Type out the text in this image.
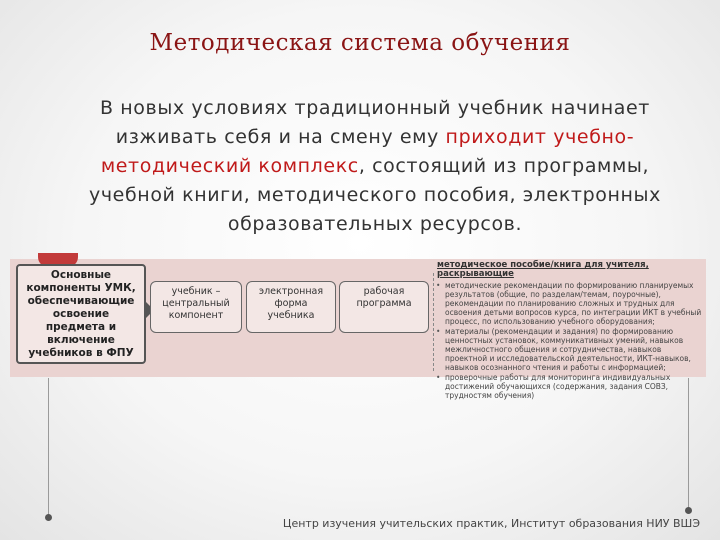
Методическая система обучения
В новых условиях традиционный учебник начинает изживать себя и на смену ему приходит учебно-методический комплекс, состоящий из программы, учебной книги, методического пособия, электронных образовательных ресурсов.
Основные компоненты УМК, обеспечивающие освоение предмета и включение учебников в ФПУ
учебник – центральный компонент
электронная форма учебника
рабочая программа
методическое пособие/книга для учителя, раскрывающие
• методические рекомендации по формированию планируемых результатов (общие, по разделам/темам, поурочные), рекомендации по планированию сложных и трудных для освоения детьми вопросов курса, по интеграции ИКТ в учебный процесс, по использованию учебного оборудования;
• материалы (рекомендации и задания) по формированию ценностных установок, коммуникативных умений, навыков межличностного общения и сотрудничества, навыков проектной и исследовательской деятельности, ИКТ-навыков, навыков осознанного чтения и работы с информацией;
• проверочные работы для мониторинга индивидуальных достижений обучающихся (содержания, задания СОВЗ, трудностям обучения)
Центр изучения учительских практик, Институт образования НИУ ВШЭ
